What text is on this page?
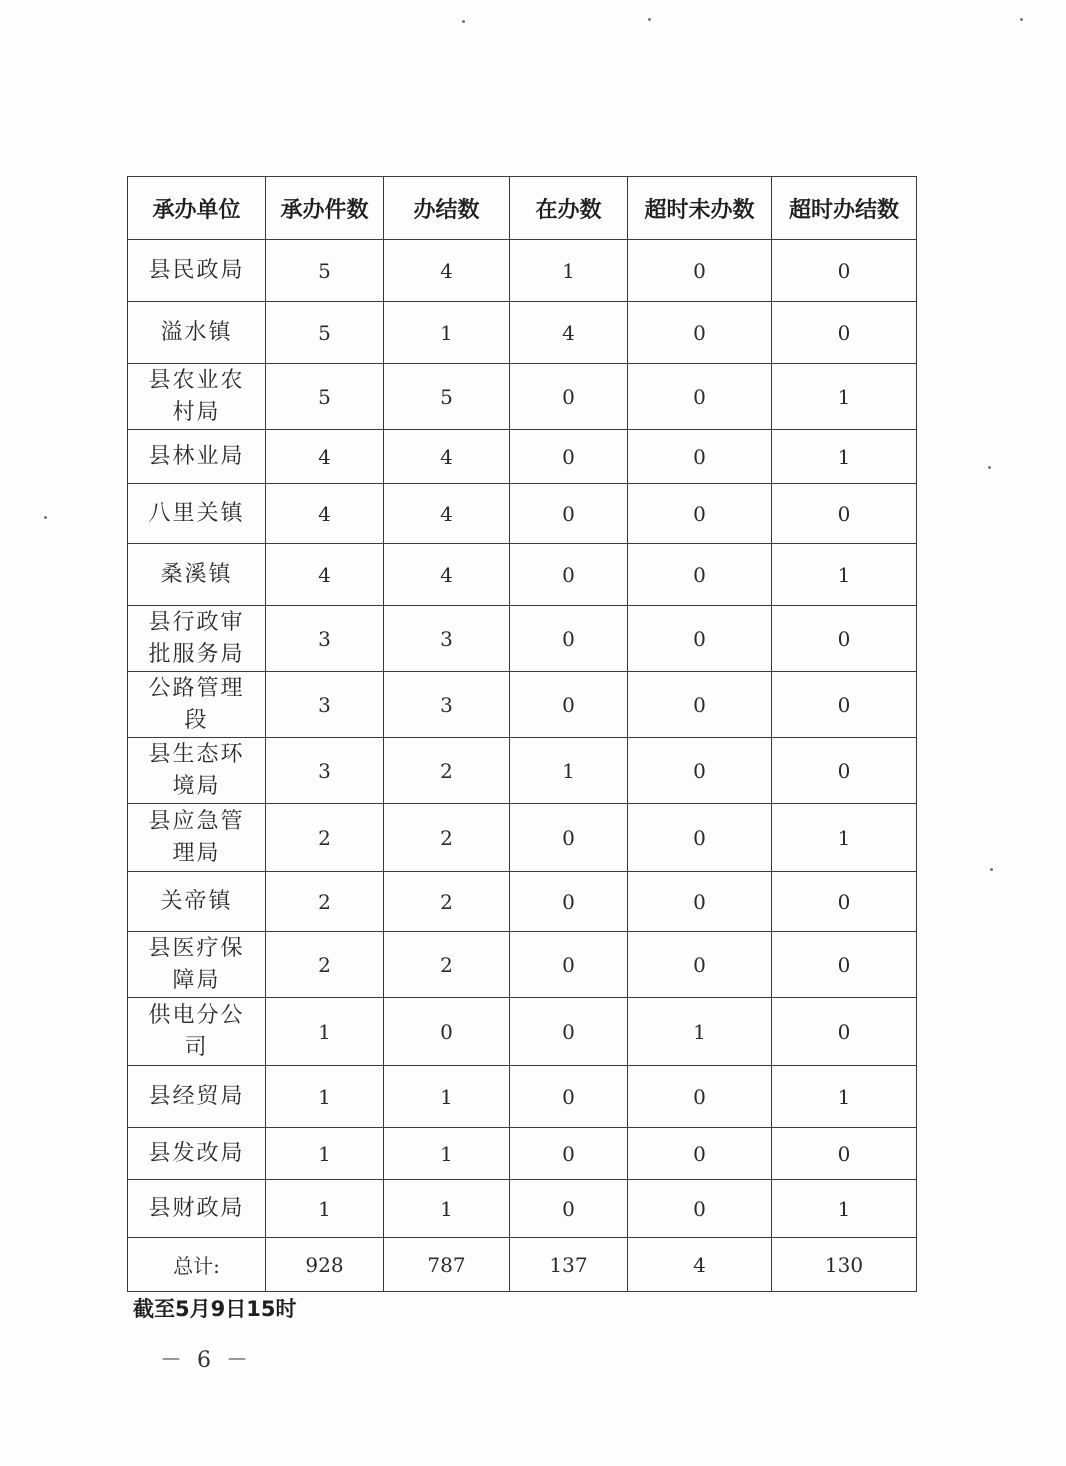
承办单位	承办件数	办结数	在办数	超时未办数	超时办结数
县民政局	5	4	1	0	0
溢水镇	5	1	4	0	0
县农业农村局	5	5	0	0	1
县林业局	4	4	0	0	1
八里关镇	4	4	0	0	0
桑溪镇	4	4	0	0	1
县行政审批服务局	3	3	0	0	0
公路管理段	3	3	0	0	0
县生态环境局	3	2	1	0	0
县应急管理局	2	2	0	0	1
关帝镇	2	2	0	0	0
县医疗保障局	2	2	0	0	0
供电分公司	1	0	0	1	0
县经贸局	1	1	0	0	1
县发改局	1	1	0	0	0
县财政局	1	1	0	0	1
总计:	928	787	137	4	130
截至5月9日15时
－ 6 －
